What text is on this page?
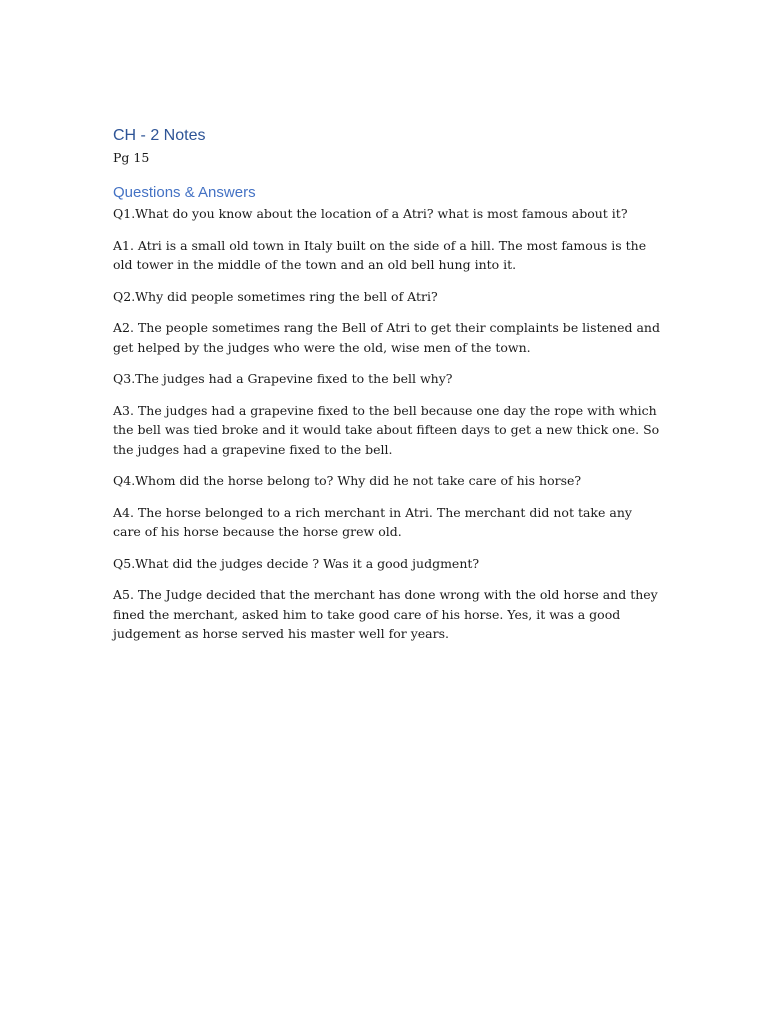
CH - 2 Notes

Pg 15

Questions & Answers

Q1.What do you know about the location of a Atri? what is most famous about it?

A1. Atri is a small old town in Italy built on the side of a hill. The most famous is the old tower in the middle of the town and an old bell hung into it.

Q2.Why did people sometimes ring the bell of Atri?

A2. The people sometimes rang the Bell of Atri to get their complaints be listened and get helped by the judges who were the old, wise men of the town.

Q3.The judges had a Grapevine fixed to the bell why?

A3. The judges had a grapevine fixed to the bell because one day the rope with which the bell was tied broke and it would take about fifteen days to get a new thick one. So the judges had a grapevine fixed to the bell.

Q4.Whom did the horse belong to? Why did he not take care of his horse?

A4. The horse belonged to a rich merchant in Atri. The merchant did not take any care of his horse because the horse grew old.

Q5.What did the judges decide ? Was it a good judgment?

A5. The Judge decided that the merchant has done wrong with the old horse and they fined the merchant, asked him to take good care of his horse. Yes, it was a good judgement as horse served his master well for years.
